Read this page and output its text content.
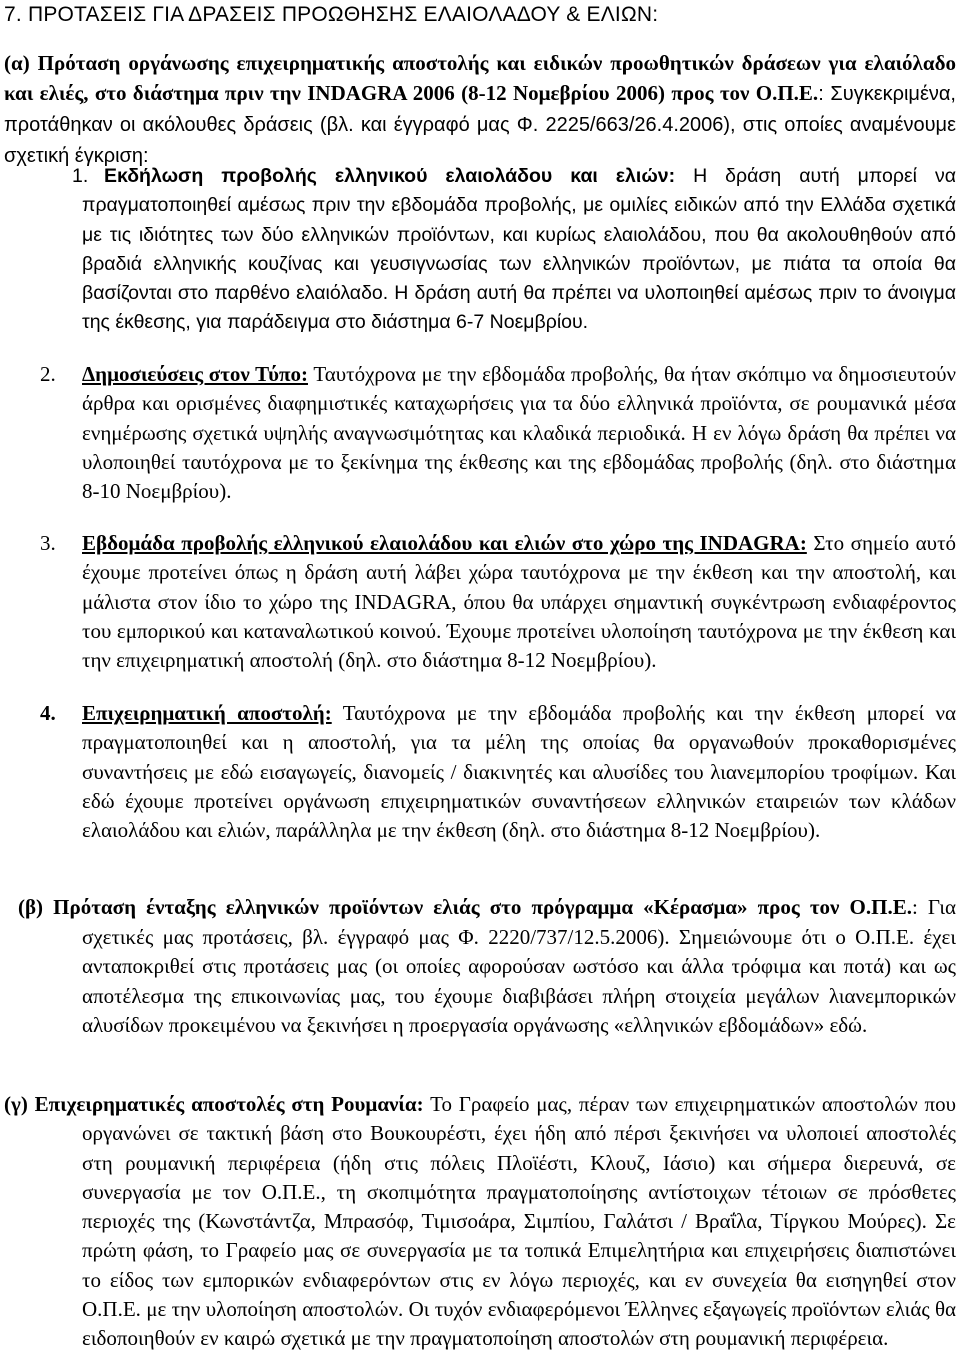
7. ΠΡΟΤΑΣΕΙΣ ΓΙΑ ΔΡΑΣΕΙΣ ΠΡΟΩΘΗΣΗΣ ΕΛΑΙΟΛΑΔΟΥ & ΕΛΙΩΝ:

(α) Πρόταση οργάνωσης επιχειρηματικής αποστολής και ειδικών προωθητικών δράσεων για ελαιόλαδο και ελιές, στο διάστημα πριν την INDAGRA 2006 (8-12 Νομεβρίου 2006) προς τον Ο.Π.Ε.: Συγκεκριμένα, προτάθηκαν οι ακόλουθες δράσεις (βλ. και έγγραφό μας Φ. 2225/663/26.4.2006), στις οποίες αναμένουμε σχετική έγκριση:

1. Εκδήλωση προβολής ελληνικού ελαιολάδου και ελιών: Η δράση αυτή μπορεί να πραγματοποιηθεί αμέσως πριν την εβδομάδα προβολής, με ομιλίες ειδικών από την Ελλάδα σχετικά με τις ιδιότητες των δύο ελληνικών προϊόντων, και κυρίως ελαιολάδου, που θα ακολουθηθούν από βραδιά ελληνικής κουζίνας και γευσιγνωσίας των ελληνικών προϊόντων, με πιάτα τα οποία θα βασίζονται στο παρθένο ελαιόλαδο. Η δράση αυτή θα πρέπει να υλοποιηθεί αμέσως πριν το άνοιγμα της έκθεσης, για παράδειγμα στο διάστημα 6-7 Νοεμβρίου.

2. Δημοσιεύσεις στον Τύπο: Ταυτόχρονα με την εβδομάδα προβολής, θα ήταν σκόπιμο να δημοσιευτούν άρθρα και ορισμένες διαφημιστικές καταχωρήσεις για τα δύο ελληνικά προϊόντα, σε ρουμανικά μέσα ενημέρωσης σχετικά υψηλής αναγνωσιμότητας και κλαδικά περιοδικά. Η εν λόγω δράση θα πρέπει να υλοποιηθεί ταυτόχρονα με το ξεκίνημα της έκθεσης και της εβδομάδας προβολής (δηλ. στο διάστημα 8-10 Νοεμβρίου).

3. Εβδομάδα προβολής ελληνικού ελαιολάδου και ελιών στο χώρο της INDAGRA: Στο σημείο αυτό έχουμε προτείνει όπως η δράση αυτή λάβει χώρα ταυτόχρονα με την έκθεση και την αποστολή, και μάλιστα στον ίδιο το χώρο της INDAGRA, όπου θα υπάρχει σημαντική συγκέντρωση ενδιαφέροντος του εμπορικού και καταναλωτικού κοινού. Έχουμε προτείνει υλοποίηση ταυτόχρονα με την έκθεση και την επιχειρηματική αποστολή (δηλ. στο διάστημα 8-12 Νοεμβρίου).

4. Επιχειρηματική αποστολή: Ταυτόχρονα με την εβδομάδα προβολής και την έκθεση μπορεί να πραγματοποιηθεί και η αποστολή, για τα μέλη της οποίας θα οργανωθούν προκαθορισμένες συναντήσεις με εδώ εισαγωγείς, διανομείς / διακινητές και αλυσίδες του λιανεμπορίου τροφίμων. Και εδώ έχουμε προτείνει οργάνωση επιχειρηματικών συναντήσεων ελληνικών εταιρειών των κλάδων ελαιολάδου και ελιών, παράλληλα με την έκθεση (δηλ. στο διάστημα 8-12 Νοεμβρίου).

(β) Πρόταση ένταξης ελληνικών προϊόντων ελιάς στο πρόγραμμα «Κέρασμα» προς τον Ο.Π.Ε.: Για σχετικές μας προτάσεις, βλ. έγγραφό μας Φ. 2220/737/12.5.2006). Σημειώνουμε ότι ο Ο.Π.Ε. έχει ανταποκριθεί στις προτάσεις μας (οι οποίες αφορούσαν ωστόσο και άλλα τρόφιμα και ποτά) και ως αποτέλεσμα της επικοινωνίας μας, του έχουμε διαβιβάσει πλήρη στοιχεία μεγάλων λιανεμπορικών αλυσίδων προκειμένου να ξεκινήσει η προεργασία οργάνωσης «ελληνικών εβδομάδων» εδώ.

(γ) Επιχειρηματικές αποστολές στη Ρουμανία: Το Γραφείο μας, πέραν των επιχειρηματικών αποστολών που οργανώνει σε τακτική βάση στο Βουκουρέστι, έχει ήδη από πέρσι ξεκινήσει να υλοποιεί αποστολές στη ρουμανική περιφέρεια (ήδη στις πόλεις Πλοϊέστι, Κλουζ, Ιάσιο) και σήμερα διερευνά, σε συνεργασία με τον Ο.Π.Ε., τη σκοπιμότητα πραγματοποίησης αντίστοιχων τέτοιων σε πρόσθετες περιοχές της (Κωνστάντζα, Μπρασόφ, Τιμισοάρα, Σιμπίου, Γαλάτσι / Βραΐλα, Τίργκου Μούρες). Σε πρώτη φάση, το Γραφείο μας σε συνεργασία με τα τοπικά Επιμελητήρια και επιχειρήσεις διαπιστώνει το είδος των εμπορικών ενδιαφερόντων στις εν λόγω περιοχές, και εν συνεχεία θα εισηγηθεί στον Ο.Π.Ε. με την υλοποίηση αποστολών. Οι τυχόν ενδιαφερόμενοι Έλληνες εξαγωγείς προϊόντων ελιάς θα ειδοποιηθούν εν καιρώ σχετικά με την πραγματοποίηση αποστολών στη ρουμανική περιφέρεια.
